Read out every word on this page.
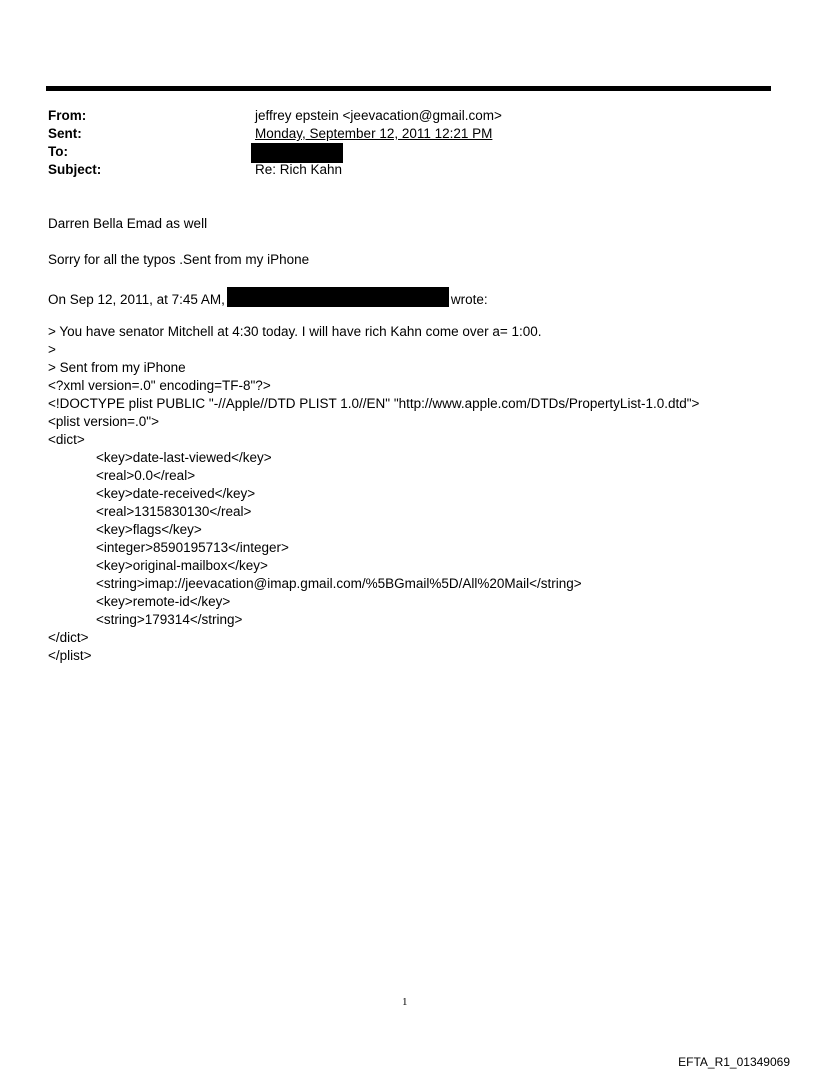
From:	jeffrey epstein <jeevacation@gmail.com>
Sent:	Monday, September 12, 2011 12:21 PM
To:
Subject:	Re: Rich Kahn
Darren Bella Emad as well
Sorry for all the typos .Sent from my iPhone
On Sep 12, 2011, at 7:45 AM,	wrote:
> You have senator Mitchell at 4:30 today. I will have rich Kahn come over a= 1:00.
>
> Sent from my iPhone
<?xml version=.0" encoding=TF-8"?>
<!DOCTYPE plist PUBLIC "-//Apple//DTD PLIST 1.0//EN" "http://www.apple.com/DTDs/PropertyList-1.0.dtd">
<plist version=.0">
<dict>
<key>date-last-viewed</key>
<real>0.0</real>
<key>date-received</key>
<real>1315830130</real>
<key>flags</key>
<integer>8590195713</integer>
<key>original-mailbox</key>
<string>imap://jeevacation@imap.gmail.com/%5BGmail%5D/All%20Mail</string>
<key>remote-id</key>
<string>179314</string>
</dict>
</plist>
1
EFTA_R1_01349069
